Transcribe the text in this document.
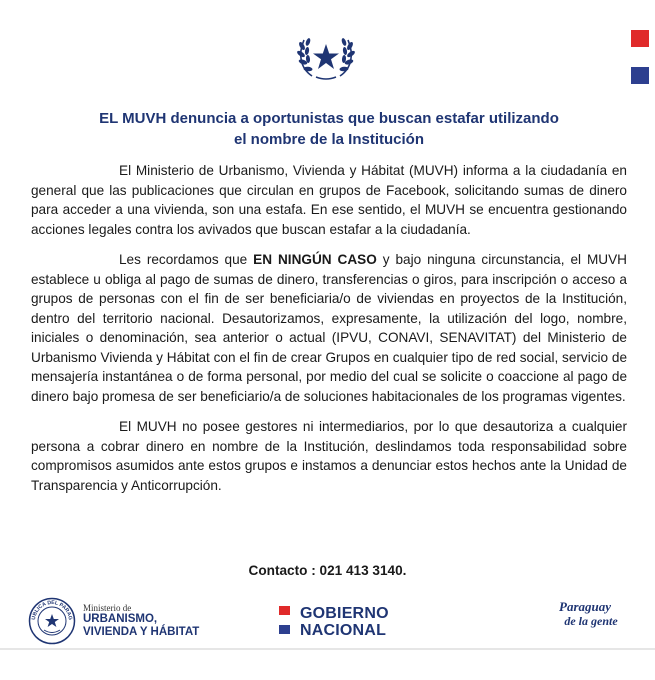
EL MUVH denuncia a oportunistas que buscan estafar utilizando
el nombre de la Institución

El Ministerio de Urbanismo, Vivienda y Hábitat (MUVH) informa a la ciudadanía en general que las publicaciones que circulan en grupos de Facebook, solicitando sumas de dinero para acceder a una vivienda, son una estafa. En ese sentido, el MUVH se encuentra gestionando acciones legales contra los avivados que buscan estafar a la ciudadanía.

Les recordamos que EN NINGÚN CASO y bajo ninguna circunstancia, el MUVH establece u obliga al pago de sumas de dinero, transferencias o giros, para inscripción o acceso a grupos de personas con el fin de ser beneficiaria/o de viviendas en proyectos de la Institución, dentro del territorio nacional. Desautorizamos, expresamente, la utilización del logo, nombre, iniciales o denominación, sea anterior o actual (IPVU, CONAVI, SENAVITAT) del Ministerio de Urbanismo Vivienda y Hábitat con el fin de crear Grupos en cualquier tipo de red social, servicio de mensajería instantánea o de forma personal, por medio del cual se solicite o coaccione al pago de dinero bajo promesa de ser beneficiario/a de soluciones habitacionales de los programas vigentes.

El MUVH no posee gestores ni intermediarios, por lo que desautoriza a cualquier persona a cobrar dinero en nombre de la Institución, deslindamos toda responsabilidad sobre compromisos asumidos ante estos grupos e instamos a denunciar estos hechos ante la Unidad de Transparencia y Anticorrupción.

Contacto : 021 413 3140.
UBLICA DEL PARAG
Ministerio de
URBANISMO,
VIVIENDA Y HÁBITAT
GOBIERNO
NACIONAL
Paraguay
de la gente
